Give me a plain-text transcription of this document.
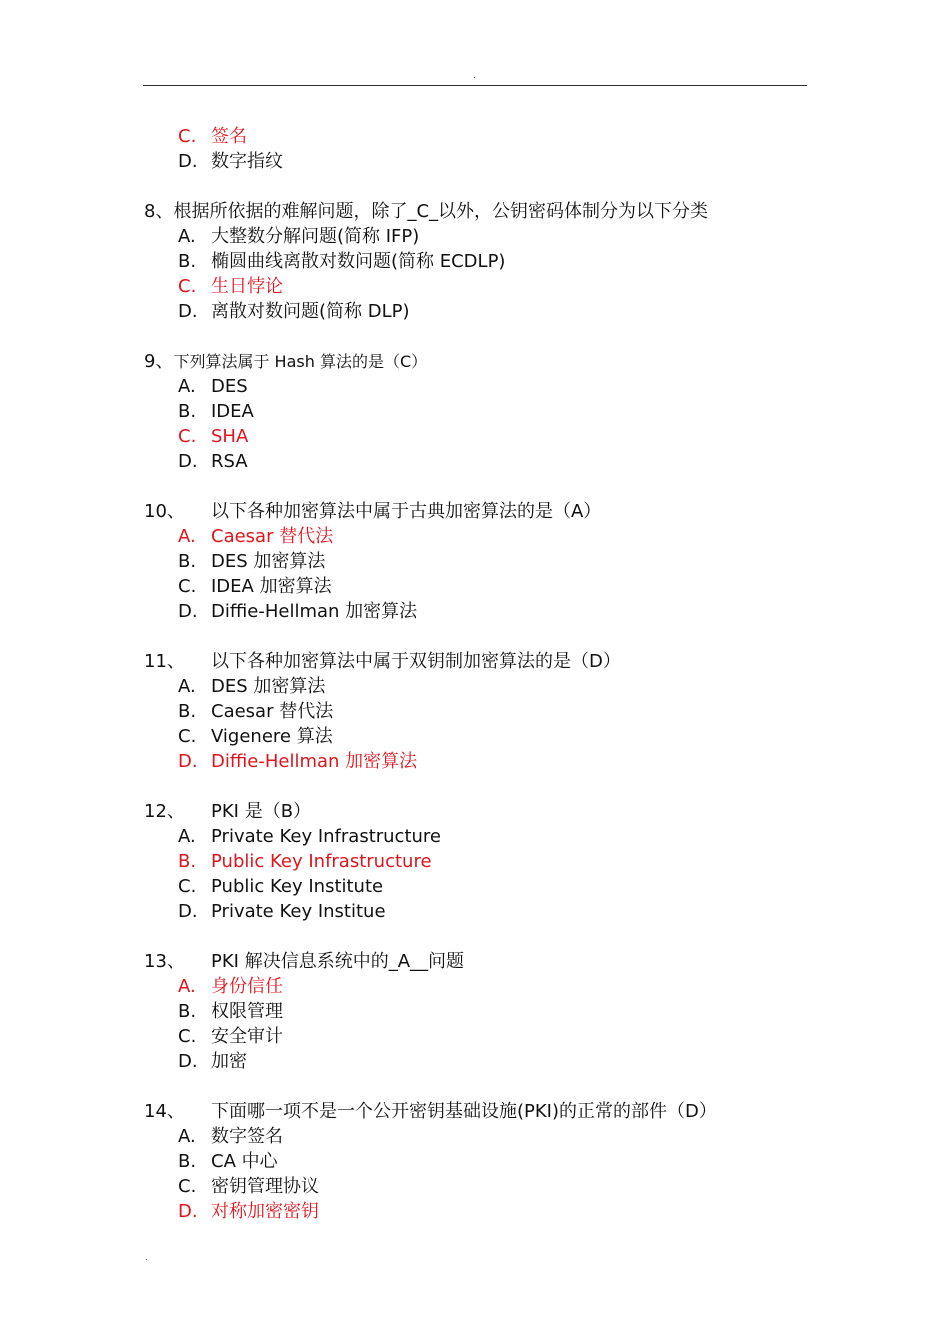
.
C. 签名
D. 数字指纹
8、根据所依据的难解问题，除了_C_以外，公钥密码体制分为以下分类
A. 大整数分解问题(简称 IFP)
B. 椭圆曲线离散对数问题(简称 ECDLP)
C. 生日悖论
D. 离散对数问题(简称 DLP)
9、下列算法属于 Hash 算法的是（C）
A. DES
B. IDEA
C. SHA
D. RSA
10、 以下各种加密算法中属于古典加密算法的是（A）
A. Caesar 替代法
B. DES 加密算法
C. IDEA 加密算法
D. Diffie-Hellman 加密算法
11、 以下各种加密算法中属于双钥制加密算法的是（D）
A. DES 加密算法
B. Caesar 替代法
C. Vigenere 算法
D. Diffie-Hellman 加密算法
12、 PKI 是（B）
A. Private Key Infrastructure
B. Public Key Infrastructure
C. Public Key Institute
D. Private Key Institue
13、 PKI 解决信息系统中的_A__问题
A. 身份信任
B. 权限管理
C. 安全审计
D. 加密
14、 下面哪一项不是一个公开密钥基础设施(PKI)的正常的部件（D）
A. 数字签名
B. CA 中心
C. 密钥管理协议
D. 对称加密密钥
.
